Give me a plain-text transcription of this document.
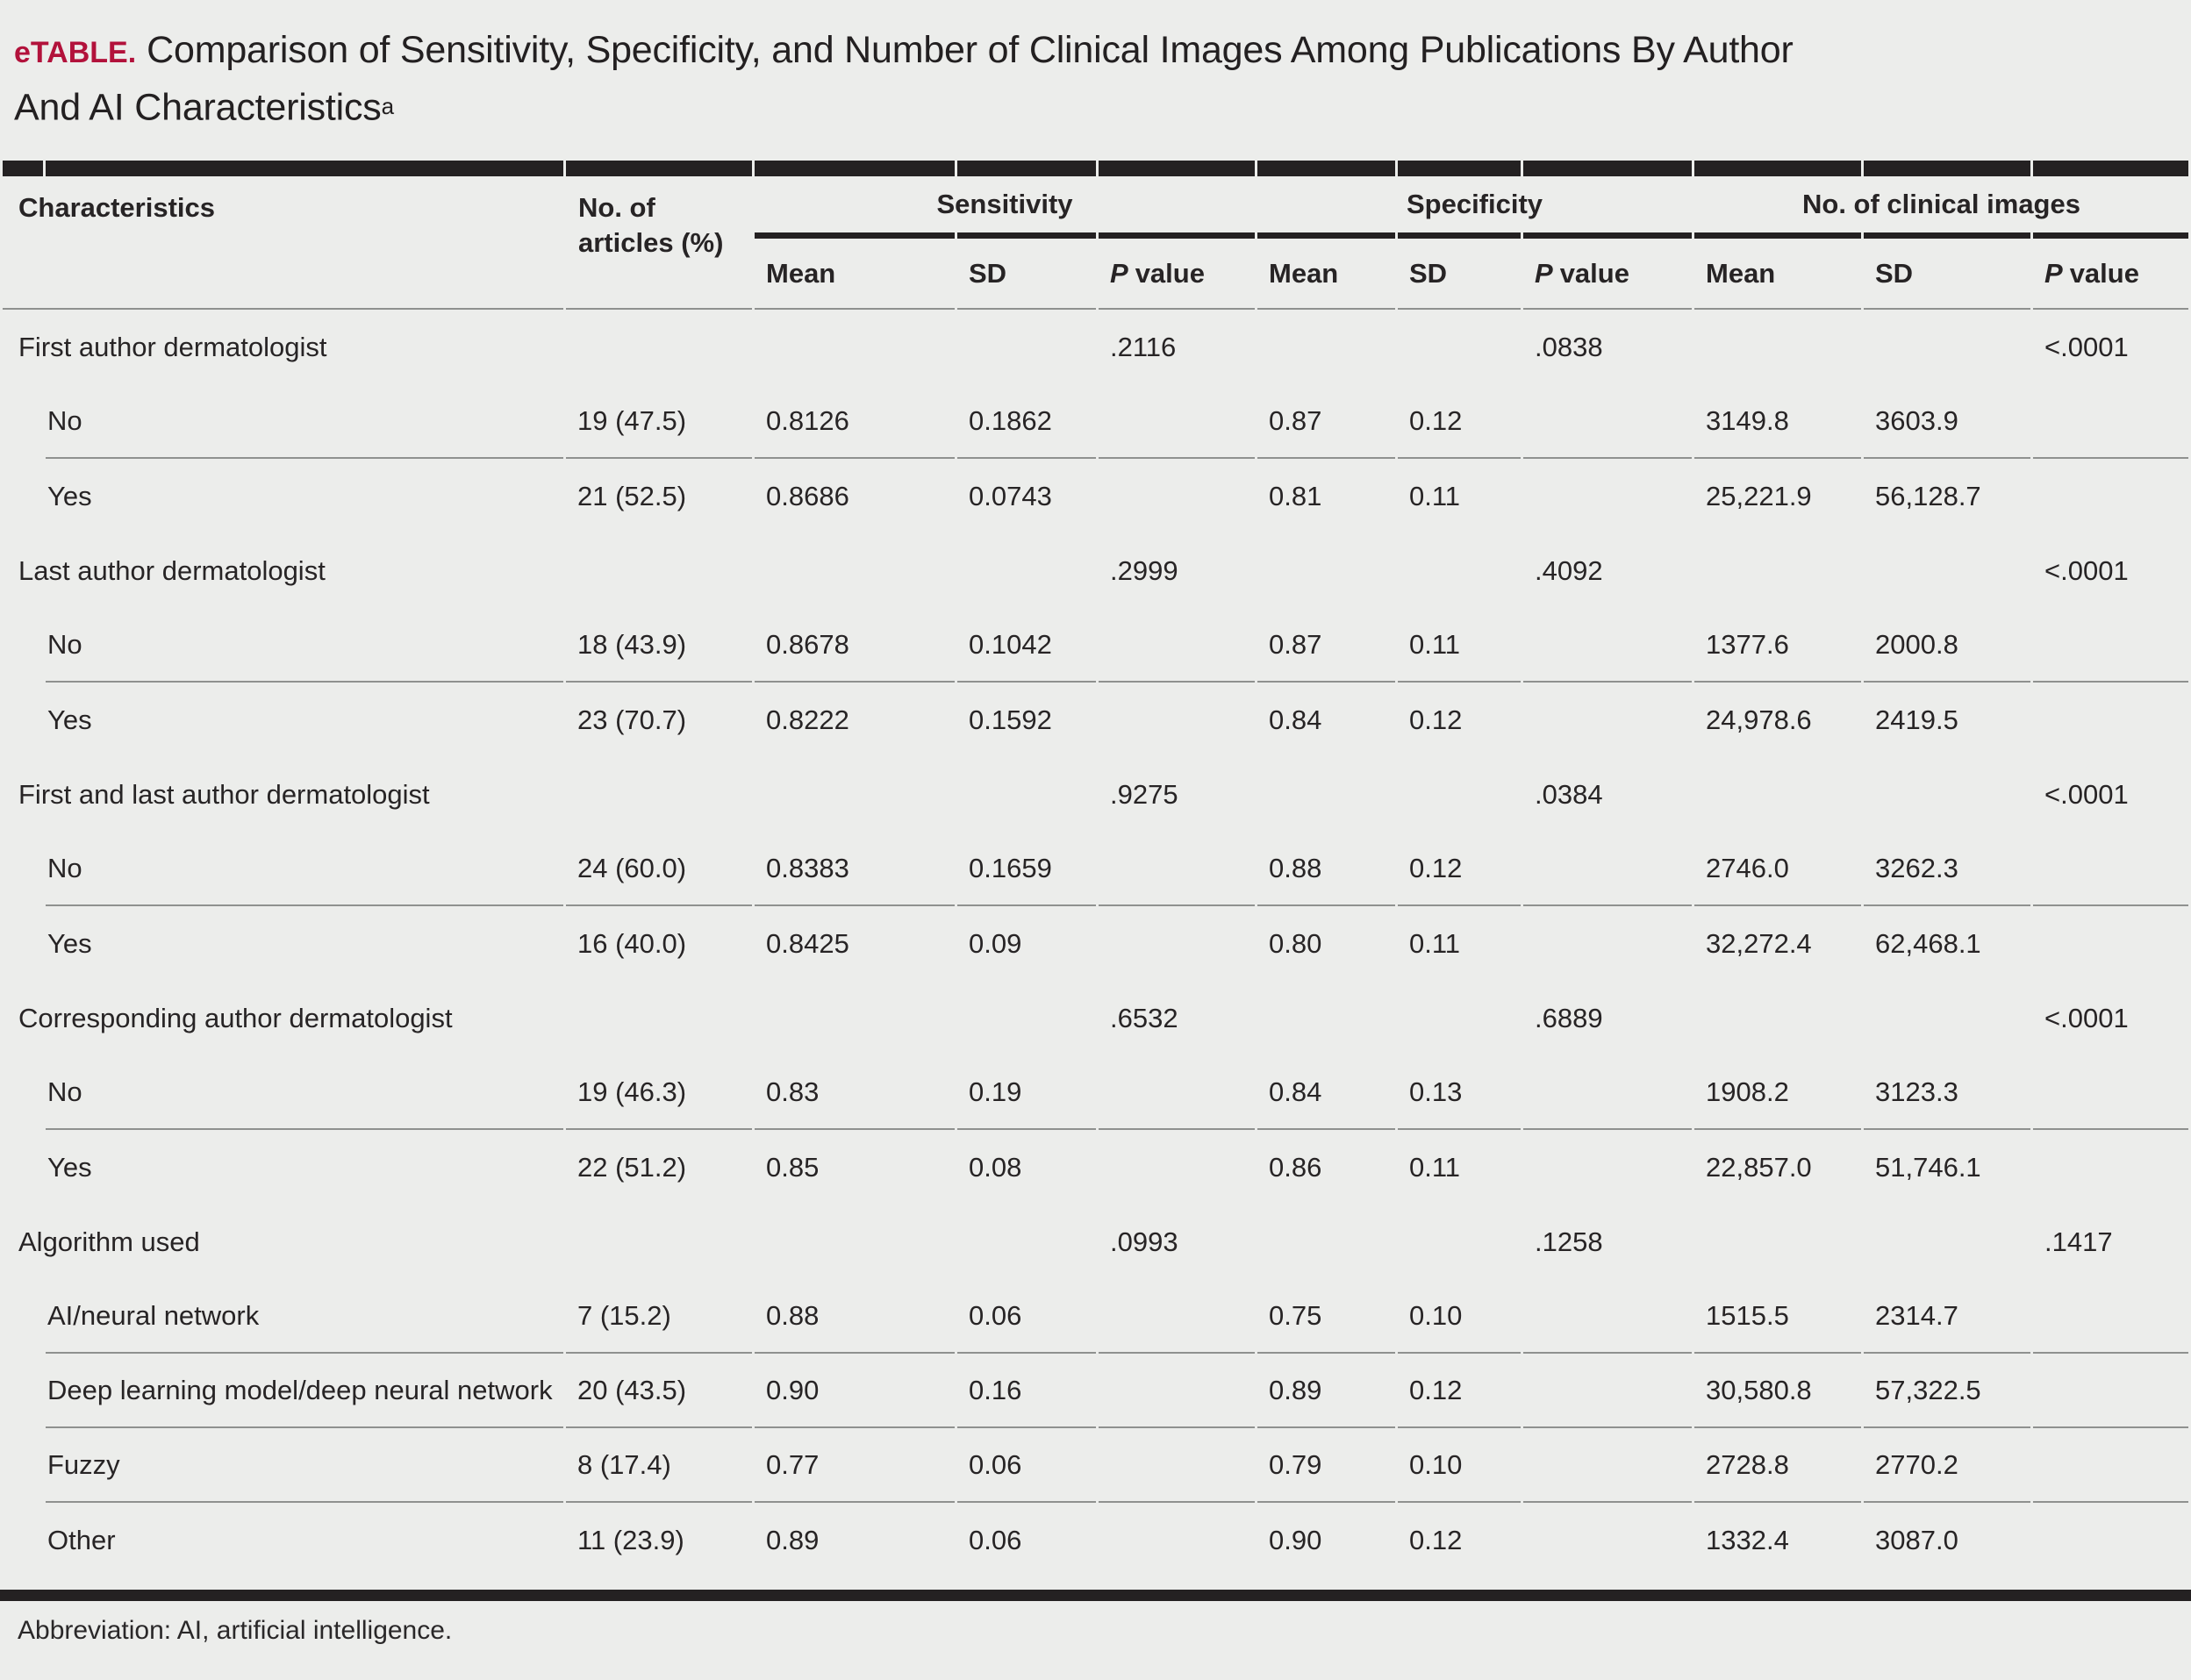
eTABLE. Comparison of Sensitivity, Specificity, and Number of Clinical Images Among Publications By Author
And AI Characteristics$^a$

Characteristics		No. of articles (%)	Sensitivity			Specificity			No. of clinical images		
			Mean	SD	P value	Mean	SD	P value	Mean	SD	P value
First author dermatologist					.2116			.0838			<.0001
	No	19 (47.5)	0.8126	0.1862		0.87	0.12		3149.8	3603.9	
	Yes	21 (52.5)	0.8686	0.0743		0.81	0.11		25,221.9	56,128.7	
Last author dermatologist					.2999			.4092			<.0001
	No	18 (43.9)	0.8678	0.1042		0.87	0.11		1377.6	2000.8	
	Yes	23 (70.7)	0.8222	0.1592		0.84	0.12		24,978.6	2419.5	
First and last author dermatologist					.9275			.0384			<.0001
	No	24 (60.0)	0.8383	0.1659		0.88	0.12		2746.0	3262.3	
	Yes	16 (40.0)	0.8425	0.09		0.80	0.11		32,272.4	62,468.1	
Corresponding author dermatologist					.6532			.6889			<.0001
	No	19 (46.3)	0.83	0.19		0.84	0.13		1908.2	3123.3	
	Yes	22 (51.2)	0.85	0.08		0.86	0.11		22,857.0	51,746.1	
Algorithm used					.0993			.1258			.1417
	AI/neural network	7 (15.2)	0.88	0.06		0.75	0.10		1515.5	2314.7	
	Deep learning model/deep neural network	20 (43.5)	0.90	0.16		0.89	0.12		30,580.8	57,322.5	
	Fuzzy	8 (17.4)	0.77	0.06		0.79	0.10		2728.8	2770.2	
	Other	11 (23.9)	0.89	0.06		0.90	0.12		1332.4	3087.0	
Abbreviation: AI, artificial intelligence.
